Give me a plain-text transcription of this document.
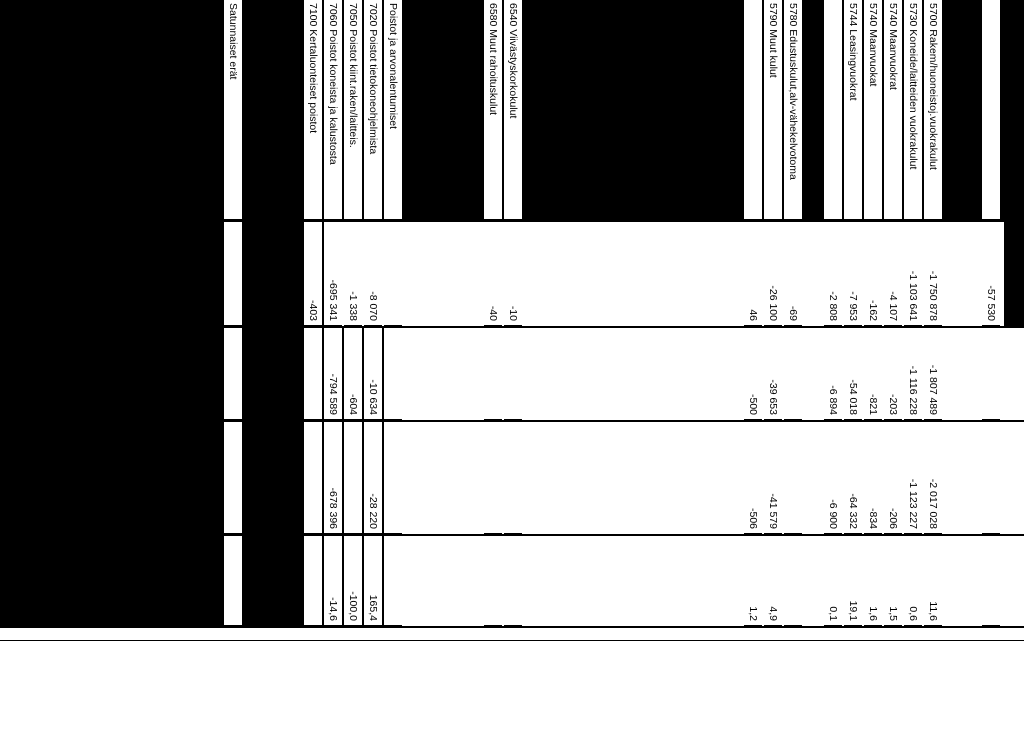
-57 530
5700 Rakem/huoneistoj.vuokrakulut
-1 750 878
-1 807 489
-2 017 028
11,6
5730 Koneide/laitteiden vuokrakulut
-1 103 641
-1 116 228
-1 123 227
0,6
5740 Maanvuokrat
-4 107
-203
-206
1,5
5740 Maanvuokat
-162
-821
-834
1,6
5744 Leasingvuokrat
-7 953
-54 018
-64 332
19,1
-2 808
-6 894
-6 900
0,1
5780 Edustuskulut,alv-vähekelvotoma
-69
5790 Muut kulut
-26 100
-39 653
-41 579
4,9
46
-500
-506
1,2
6540 Viivästyskorkokulut
-10
6580 Muut rahoituskulut
-40
Poistot ja arvonalentumiset
7020 Poistot tietokoneohjelmista
-8 070
-10 634
-28 220
165,4
7050 Poistot kiint.raken/laitteis.
-1 338
-604
-100,0
7060 Poistot koneista ja kalustosta
-695 341
-794 589
-678 396
-14,6
7100 Kertaluonteiset poistot
-403
Satunnaiset erät
